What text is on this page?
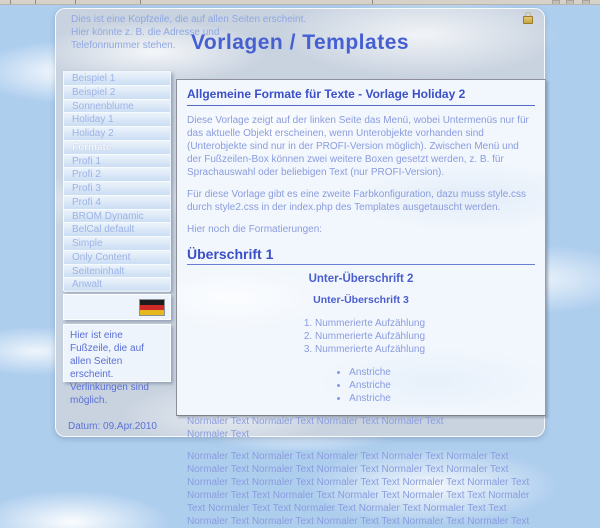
Dies ist eine Kopfzeile, die auf allen Seiten erscheint.
Hier könnte z. B. die Adresse und
Telefonnummer stehen. Vorlagen / Templates
Beispiel 1
Beispiel 2
Sonnenblume
Holiday 1
Holiday 2
Formate
Profi 1
Profi 2
Profi 3
Profi 4
BROM Dynamic
BelCal default
Simple
Only Content
Seiteninhalt
Anwalt
Hier ist eine Fußzeile, die auf allen Seiten erscheint. Verlinkungen sind möglich.
Allgemeine Formate für Texte - Vorlage Holiday 2

Diese Vorlage zeigt auf der linken Seite das Menü, wobei Untermenüs nur für das aktuelle Objekt erscheinen, wenn Unterobjekte vorhanden sind (Unterobjekte sind nur in der PROFI-Version möglich). Zwischen Menü und der Fußzeilen-Box können zwei weitere Boxen gesetzt werden, z. B. für Sprachauswahl oder beliebigen Text (nur PROFI-Version).

Für diese Vorlage gibt es eine zweite Farbkonfiguration, dazu muss style.css durch style2.css in der index.php des Templates ausgetauscht werden.

Hier noch die Formatierungen:

Überschrift 1
Unter-Überschrift 2
Unter-Überschrift 3
1. Nummerierte Aufzählung
2. Nummerierte Aufzählung
3. Nummerierte Aufzählung
• Anstriche
• Anstriche
• Anstriche

Normaler Text Normaler Text Normaler Text Normaler Text
Normaler Text

Normaler Text Normaler Text Normaler Text Normaler Text Normaler Text Normaler Text Normaler Text Normaler Text Normaler Text Normaler Text Normaler Text Normaler Text Normaler Text Text Normaler Text Normaler Text Normaler Text Text Normaler Text Normaler Text Normaler Text Text Normaler Text Normaler Text Text Normaler Text Normaler Text Normaler Text Text Normaler Text Normaler Text Normaler Text Text Normaler Text Normaler Text

Datum: 09.Apr.2010
